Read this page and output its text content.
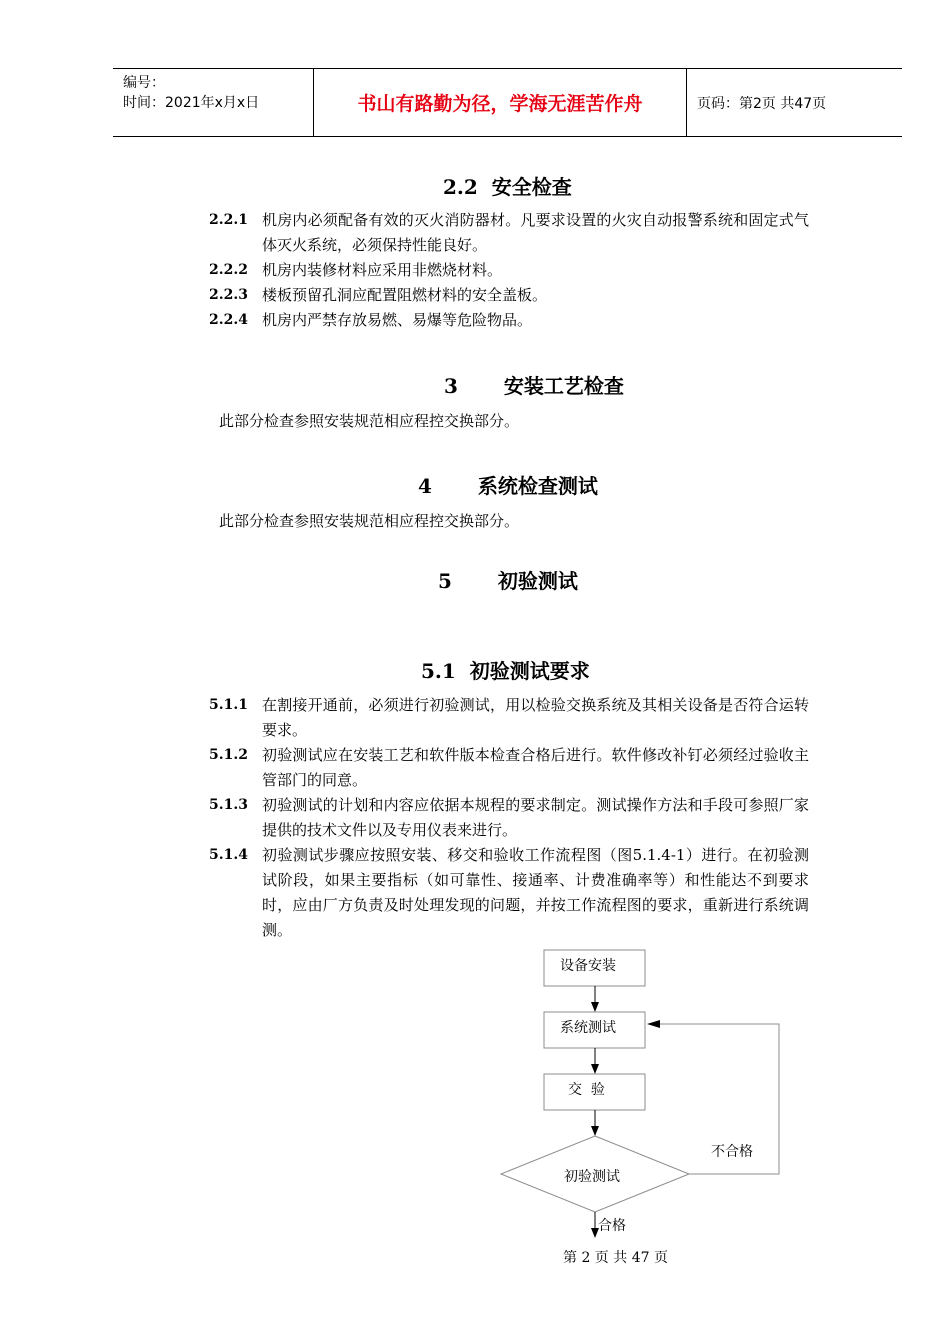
编号：
时间：2021年x月x日	书山有路勤为径，学海无涯苦作舟	页码：第2页 共47页
2.2 安全检查
2.2.1 机房内必须配备有效的灭火消防器材。凡要求设置的火灾自动报警系统和固定式气体灭火系统，必须保持性能良好。
2.2.2 机房内装修材料应采用非燃烧材料。
2.2.3 楼板预留孔洞应配置阻燃材料的安全盖板。
2.2.4 机房内严禁存放易燃、易爆等危险物品。
3 安装工艺检查
此部分检查参照安装规范相应程控交换部分。
4 系统检查测试
此部分检查参照安装规范相应程控交换部分。
5 初验测试
5.1 初验测试要求
5.1.1 在割接开通前，必须进行初验测试，用以检验交换系统及其相关设备是否符合运转要求。
5.1.2 初验测试应在安装工艺和软件版本检查合格后进行。软件修改补钉必须经过验收主管部门的同意。
5.1.3 初验测试的计划和内容应依据本规程的要求制定。测试操作方法和手段可参照厂家提供的技术文件以及专用仪表来进行。
5.1.4 初验测试步骤应按照安装、移交和验收工作流程图（图5.1.4-1）进行。在初验测试阶段，如果主要指标（如可靠性、接通率、计费准确率等）和性能达不到要求时，应由厂方负责及时处理发现的问题，并按工作流程图的要求，重新进行系统调测。
设备安装
系统测试
交  验
初验测试
不合格
合格
第 2 页 共 47 页
